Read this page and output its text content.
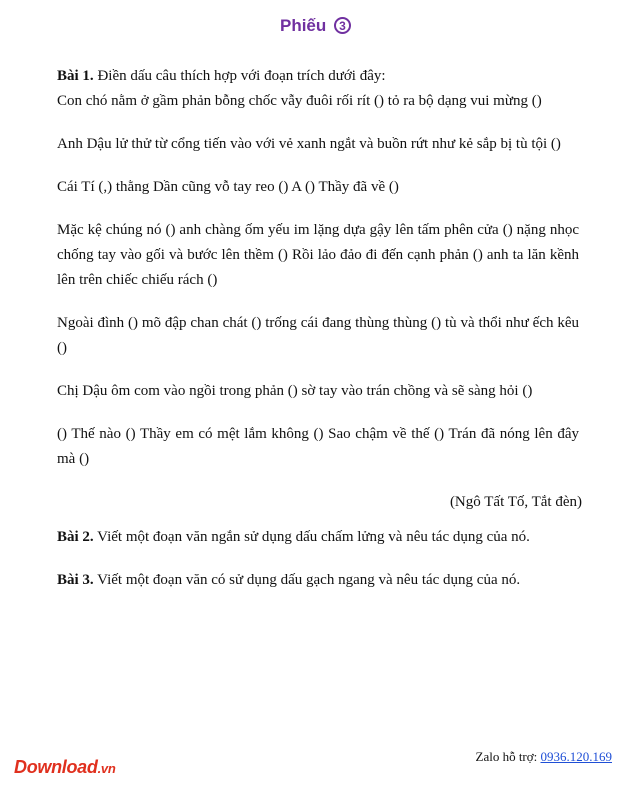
Phiếu 3

Bài 1. Điền dấu câu thích hợp với đoạn trích dưới đây:

Con chó nằm ở gầm phản bỗng chốc vẫy đuôi rối rít () tỏ ra bộ dạng vui mừng ()

Anh Dậu lử thử từ cổng tiến vào với vẻ xanh ngắt và buồn rứt như kẻ sắp bị tù tội ()

Cái Tí (,) thằng Dần cũng vỗ tay reo () A () Thầy đã về ()

Mặc kệ chúng nó () anh chàng ốm yếu im lặng dựa gậy lên tấm phên cửa () nặng nhọc chống tay vào gối và bước lên thềm () Rồi lảo đảo đi đến cạnh phản () anh ta lăn kềnh lên trên chiếc chiếu rách ()

Ngoài đình () mõ đập chan chát () trống cái đang thùng thùng () tù và thổi như ếch kêu ()

Chị Dậu ôm com vào ngồi trong phản () sờ tay vào trán chồng và sẽ sàng hỏi ()

() Thế nào () Thầy em có mệt lắm không () Sao chậm về thế () Trán đã nóng lên đây mà ()

(Ngô Tất Tố, Tắt đèn)

Bài 2. Viết một đoạn văn ngắn sử dụng dấu chấm lửng và nêu tác dụng của nó.

Bài 3. Viết một đoạn văn có sử dụng dấu gạch ngang và nêu tác dụng của nó.

Download.vn
Zalo hỗ trợ: 0936.120.169
